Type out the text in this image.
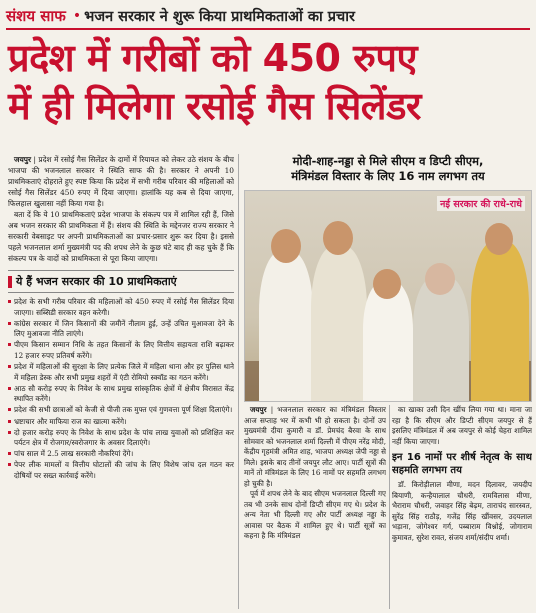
संशय साफ • भजन सरकार ने शुरू किया प्राथमिकताओं का प्रचार
प्रदेश में गरीबों को 450 रुपए
में ही मिलेगा रसोई गैस सिलेंडर

जयपुर | प्रदेश में रसोई गैस सिलेंडर के दामों में रियायत को लेकर उठे संशय के बीच भाजपा की भजनलाल सरकार ने स्थिति साफ की है। सरकार ने अपनी 10 प्राथमिकताएं दोहराते हुए स्पष्ट किया कि प्रदेश में सभी गरीब परिवार की महिलाओं को रसोई गैस सिलेंडर 450 रुपए में दिया जाएगा। हालांकि यह कब से दिया जाएगा, फिलहाल खुलासा नहीं किया गया है।

बता दें कि ये 10 प्राथमिकताएं प्रदेश भाजपा के संकल्प पत्र में शामिल रही हैं, जिसे अब भजन सरकार की प्राथमिकता में हैं। संशय की स्थिति के मद्देनजर राज्य सरकार ने सरकारी वेबसाइट पर अपनी प्राथमिकताओं का प्रचार-प्रसार शुरू कर दिया है। इससे पहले भजनलाल शर्मा मुख्यमंत्री पद की शपथ लेने के कुछ घंटे बाद ही कह चुके हैं कि संकल्प पत्र के वादों को प्राथमिकता से पूरा किया जाएगा।

ये हैं भजन सरकार की 10 प्राथमिकताएं
प्रदेश के सभी गरीब परिवार की महिलाओं को 450 रुपए में रसोई गैस सिलेंडर दिया जाएगा। सब्सिडी सरकार वहन करेगी।
कांग्रेस सरकार में जिन किसानों की जमीनें नीलाम हुई, उन्हें उचित मुआवजा देने के लिए मुआवजा नीति लाएंगे।
पीएम किसान सम्मान निधि के तहत किसानों के लिए वित्तीय सहायता राशि बढ़ाकर 12 हजार रुपए प्रतिवर्ष करेंगे।
प्रदेश में महिलाओं की सुरक्षा के लिए प्रत्येक जिले में महिला थाना और हर पुलिस थाने में महिला डेस्क और सभी प्रमुख शहरों में एंटी रोमियो स्क्वॉड का गठन करेंगे।
आठ सौ करोड़ रुपए के निवेश के साथ प्रमुख सांस्कृतिक क्षेत्रों में क्षेत्रीय विरासत केंद्र स्थापित करेंगे।
प्रदेश की सभी छात्राओं को केजी से पीजी तक मुफ्त एवं गुणवत्ता पूर्ण शिक्षा दिलाएंगे।
भ्रष्टाचार और माफिया राज का खात्मा करेंगे।
दो हजार करोड़ रुपए के निवेश के साथ प्रदेश के पांच लाख युवाओं को प्रशिक्षित कर पर्यटन क्षेत्र में रोजगार/स्वरोजगार के अवसर दिलाएंगे।
पांच साल में 2.5 लाख सरकारी नौकरियां देंगे।
पेपर लीक मामलों व वित्तीय घोटालों की जांच के लिए विशेष जांच दल गठन कर दोषियों पर सख्त कार्रवाई करेंगे।
मोदी-शाह-नड्डा से मिले सीएम व डिप्टी सीएम,
मंत्रिमंडल विस्तार के लिए 16 नाम लगभग तय
नई सरकार की राधे-राधे

जयपुर | भजनलाल सरकार का मंत्रिमंडल विस्तार आज सप्ताह भर में कभी भी हो सकता है। दोनों उप मुख्यमंत्री दीया कुमारी व डॉ. प्रेमचंद बैरवा के साथ सोमवार को भजनलाल शर्मा दिल्ली में पीएम नरेंद्र मोदी, केंद्रीय गृहमंत्री अमित शाह, भाजपा अध्यक्ष जेपी नड्डा से मिले। इसके बाद तीनों जयपुर लौट आए। पार्टी सूत्रों की मानें तो मंत्रिमंडल के लिए 16 नामों पर सहमति लगभग हो चुकी है।

पूर्व में शपथ लेने के बाद सीएम भजनलाल दिल्ली गए तब भी उनके साथ दोनों डिप्टी सीएम गए थे। प्रदेश के अन्य नेता भी दिल्ली गए और पार्टी अध्यक्ष नड्डा के आवास पर बैठक में शामिल हुए थे। पार्टी सूत्रों का कहना है कि मंत्रिमंडल

का खाका उसी दिन खींच लिया गया था। माना जा रहा है कि सीएम और डिप्टी सीएम जयपुर से हैं इसलिए मंत्रिमंडल में अब जयपुर से कोई चेहरा शामिल नहीं किया जाएगा।

इन 16 नामों पर शीर्ष नेतृत्व के साथ सहमति लगभग तय

डॉ. किरोड़ीलाल मीणा, मदन दिलावर, जयदीप बियाणी, कन्हैयालाल चौधरी, रामविलास मीणा, भैराराम चौधरी, जवाहर सिंह बेढ़म, ताराचंद सारस्वत, सुरेंद्र सिंह राठौड़, गजेंद्र सिंह खींवसर, उदयलाल भड़ाना, जोगेश्वर गर्ग, पब्बाराम विश्नोई, जोगाराम कुमावत, सुरेश रावत, संजय शर्मा/संदीप शर्मा।
